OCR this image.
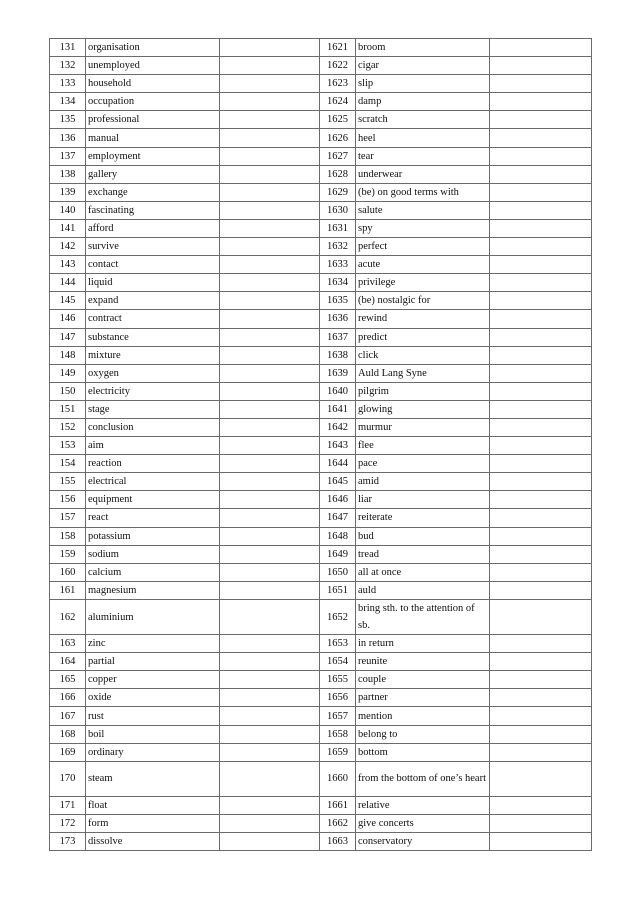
131	organisation		1621	broom	
132	unemployed		1622	cigar	
133	household		1623	slip	
134	occupation		1624	damp	
135	professional		1625	scratch	
136	manual		1626	heel	
137	employment		1627	tear	
138	gallery		1628	underwear	
139	exchange		1629	(be) on good terms with	
140	fascinating		1630	salute	
141	afford		1631	spy	
142	survive		1632	perfect	
143	contact		1633	acute	
144	liquid		1634	privilege	
145	expand		1635	(be) nostalgic for	
146	contract		1636	rewind	
147	substance		1637	predict	
148	mixture		1638	click	
149	oxygen		1639	Auld Lang Syne	
150	electricity		1640	pilgrim	
151	stage		1641	glowing	
152	conclusion		1642	murmur	
153	aim		1643	flee	
154	reaction		1644	pace	
155	electrical		1645	amid	
156	equipment		1646	liar	
157	react		1647	reiterate	
158	potassium		1648	bud	
159	sodium		1649	tread	
160	calcium		1650	all at once	
161	magnesium		1651	auld	
162	aluminium		1652	bring sth. to the attention of sb.	
163	zinc		1653	in return	
164	partial		1654	reunite	
165	copper		1655	couple	
166	oxide		1656	partner	
167	rust		1657	mention	
168	boil		1658	belong to	
169	ordinary		1659	bottom	
170	steam		1660	from the bottom of one’s heart	
171	float		1661	relative	
172	form		1662	give concerts	
173	dissolve		1663	conservatory	
